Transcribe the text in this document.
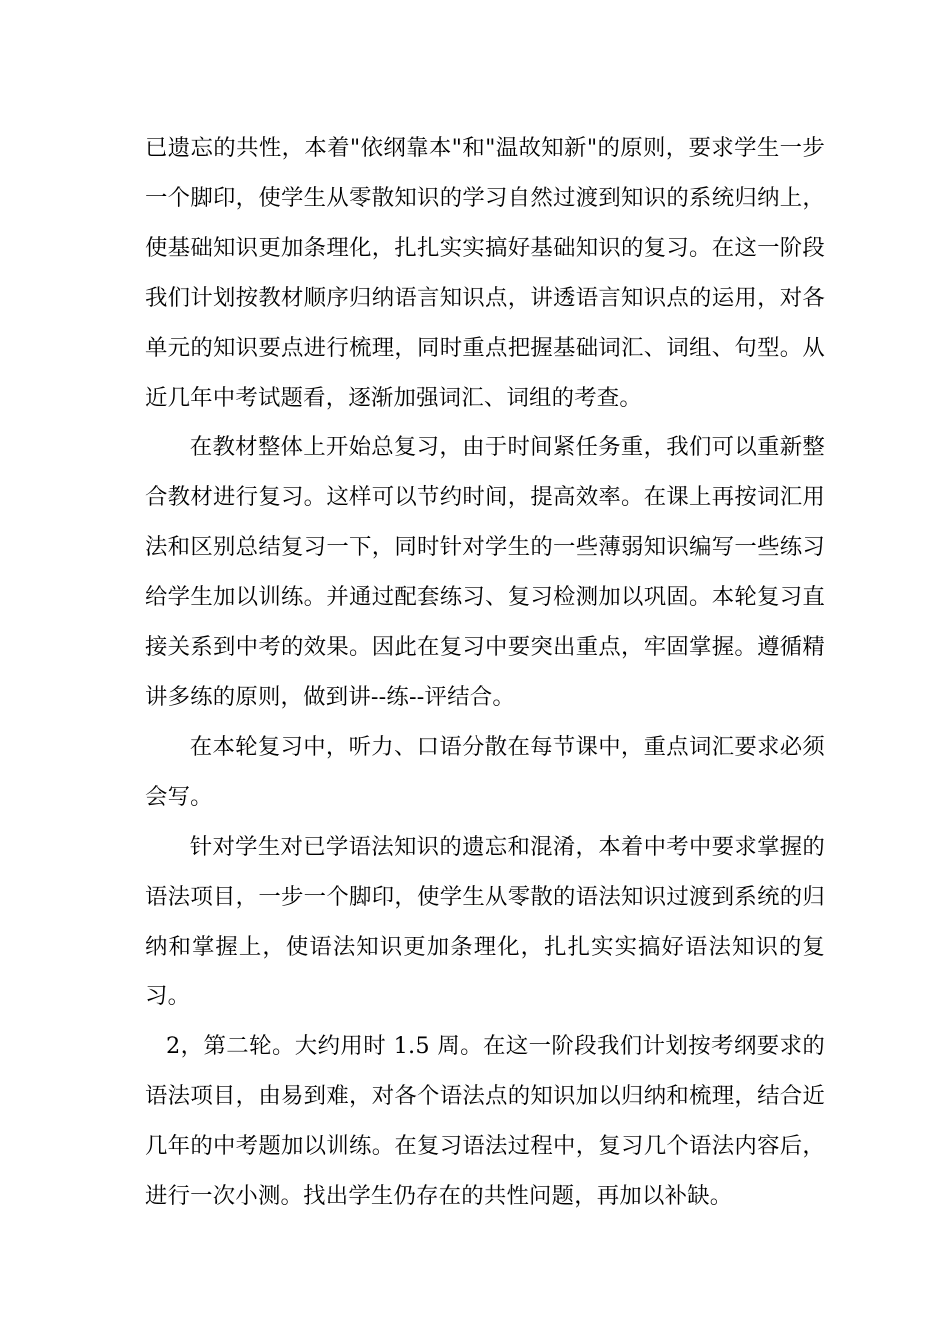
已遗忘的共性，本着"依纲靠本"和"温故知新"的原则，要求学生一步一个脚印，使学生从零散知识的学习自然过渡到知识的系统归纳上，使基础知识更加条理化，扎扎实实搞好基础知识的复习。在这一阶段我们计划按教材顺序归纳语言知识点，讲透语言知识点的运用，对各单元的知识要点进行梳理，同时重点把握基础词汇、词组、句型。从近几年中考试题看，逐渐加强词汇、词组的考查。

在教材整体上开始总复习，由于时间紧任务重，我们可以重新整合教材进行复习。这样可以节约时间，提高效率。在课上再按词汇用法和区别总结复习一下，同时针对学生的一些薄弱知识编写一些练习给学生加以训练。并通过配套练习、复习检测加以巩固。本轮复习直接关系到中考的效果。因此在复习中要突出重点，牢固掌握。遵循精讲多练的原则，做到讲--练--评结合。

在本轮复习中，听力、口语分散在每节课中，重点词汇要求必须会写。

针对学生对已学语法知识的遗忘和混淆，本着中考中要求掌握的语法项目，一步一个脚印，使学生从零散的语法知识过渡到系统的归纳和掌握上，使语法知识更加条理化，扎扎实实搞好语法知识的复习。

2，第二轮。大约用时 1.5 周。在这一阶段我们计划按考纲要求的语法项目，由易到难，对各个语法点的知识加以归纳和梳理，结合近几年的中考题加以训练。在复习语法过程中，复习几个语法内容后，进行一次小测。找出学生仍存在的共性问题，再加以补缺。
